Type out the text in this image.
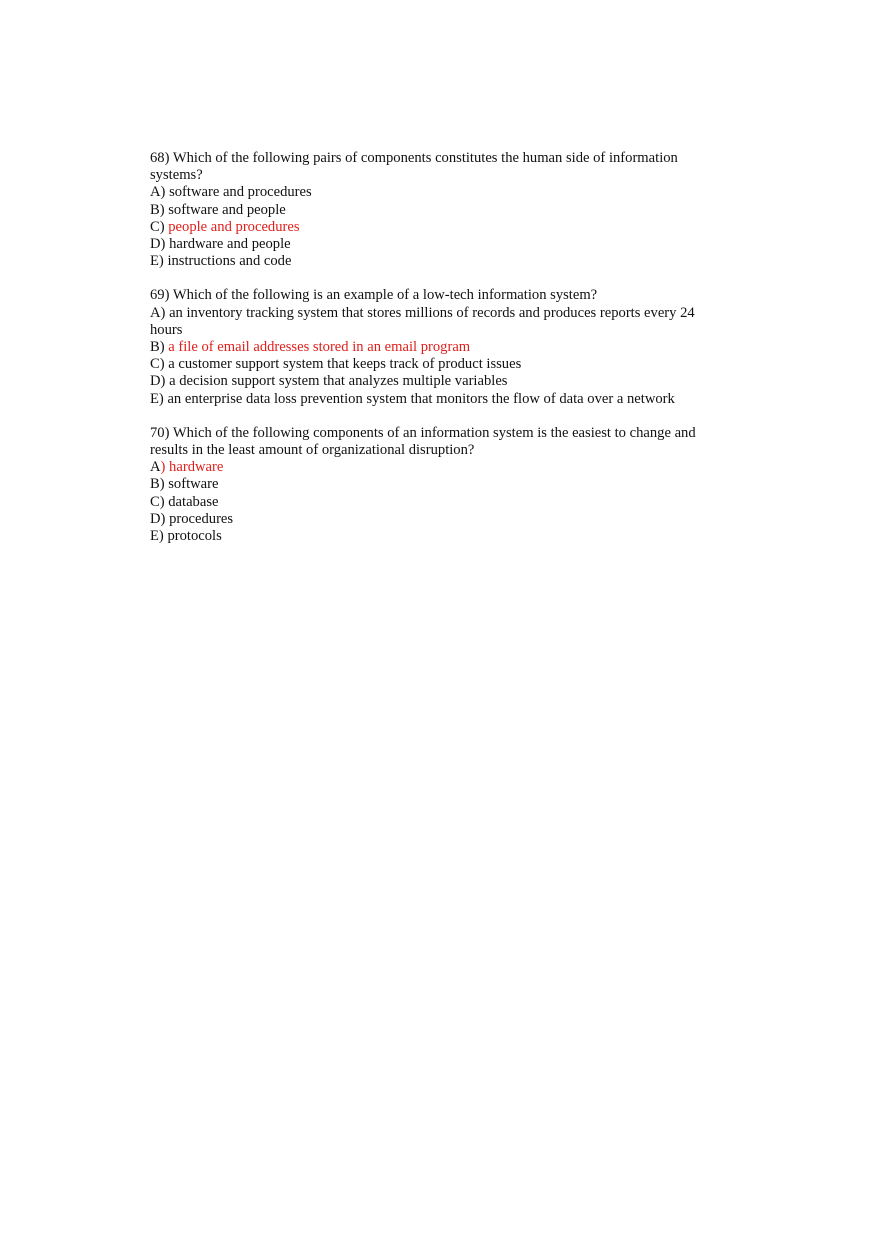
68) Which of the following pairs of components constitutes the human side of information systems?

A) software and procedures

B) software and people

C) people and procedures

D) hardware and people

E) instructions and code

69) Which of the following is an example of a low-tech information system?

A) an inventory tracking system that stores millions of records and produces reports every 24 hours

B) a file of email addresses stored in an email program

C) a customer support system that keeps track of product issues

D) a decision support system that analyzes multiple variables

E) an enterprise data loss prevention system that monitors the flow of data over a network

70) Which of the following components of an information system is the easiest to change and results in the least amount of organizational disruption?

A) hardware

B) software

C) database

D) procedures

E) protocols
